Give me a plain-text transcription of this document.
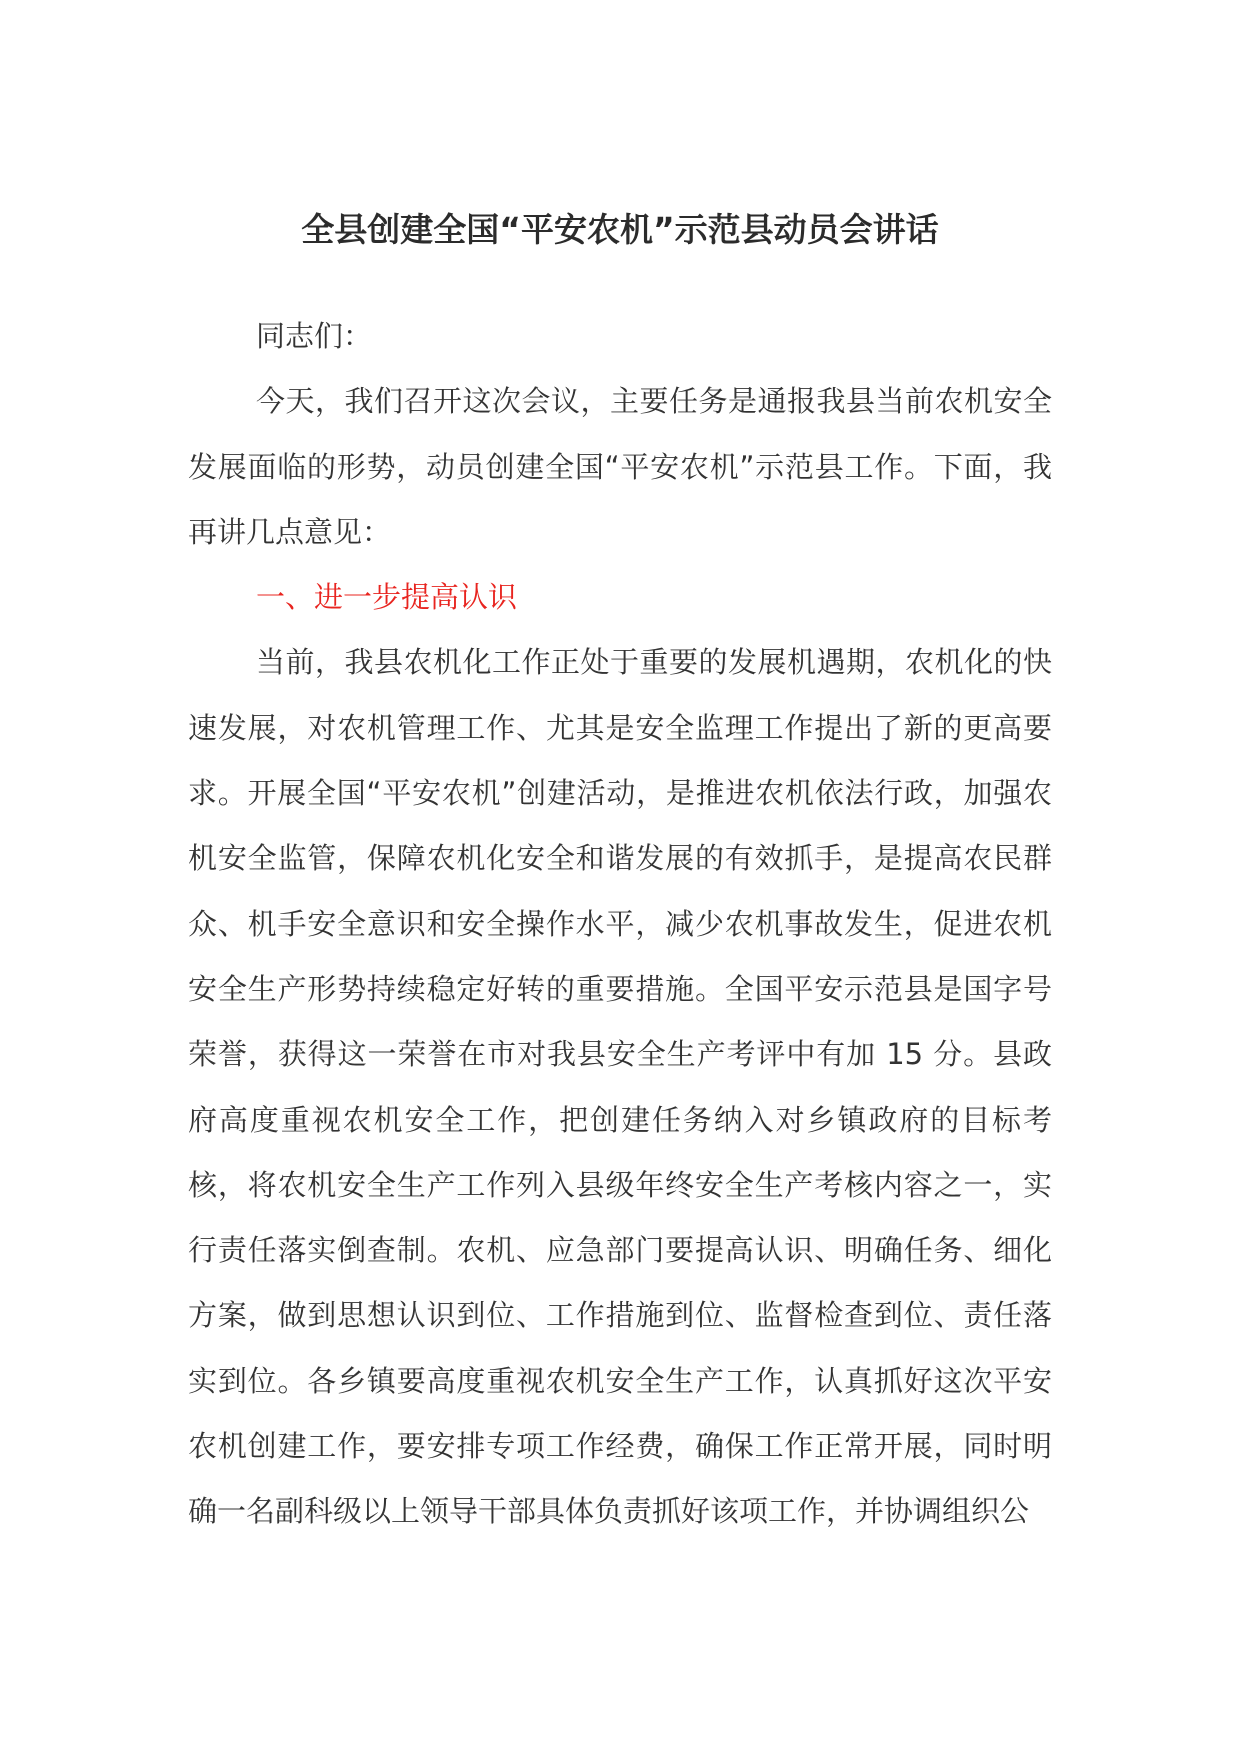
全县创建全国“平安农机”示范县动员会讲话

同志们：

今天，我们召开这次会议，主要任务是通报我县当前农机安全发展面临的形势，动员创建全国“平安农机”示范县工作。下面，我再讲几点意见：

一、进一步提高认识

当前，我县农机化工作正处于重要的发展机遇期，农机化的快速发展，对农机管理工作、尤其是安全监理工作提出了新的更高要求。开展全国“平安农机”创建活动，是推进农机依法行政，加强农机安全监管，保障农机化安全和谐发展的有效抓手，是提高农民群众、机手安全意识和安全操作水平，减少农机事故发生，促进农机安全生产形势持续稳定好转的重要措施。全国平安示范县是国字号荣誉，获得这一荣誉在市对我县安全生产考评中有加 15 分。县政府高度重视农机安全工作，把创建任务纳入对乡镇政府的目标考核，将农机安全生产工作列入县级年终安全生产考核内容之一，实行责任落实倒查制。农机、应急部门要提高认识、明确任务、细化方案，做到思想认识到位、工作措施到位、监督检查到位、责任落实到位。各乡镇要高度重视农机安全生产工作，认真抓好这次平安农机创建工作，要安排专项工作经费，确保工作正常开展，同时明确一名副科级以上领导干部具体负责抓好该项工作，并协调组织公
